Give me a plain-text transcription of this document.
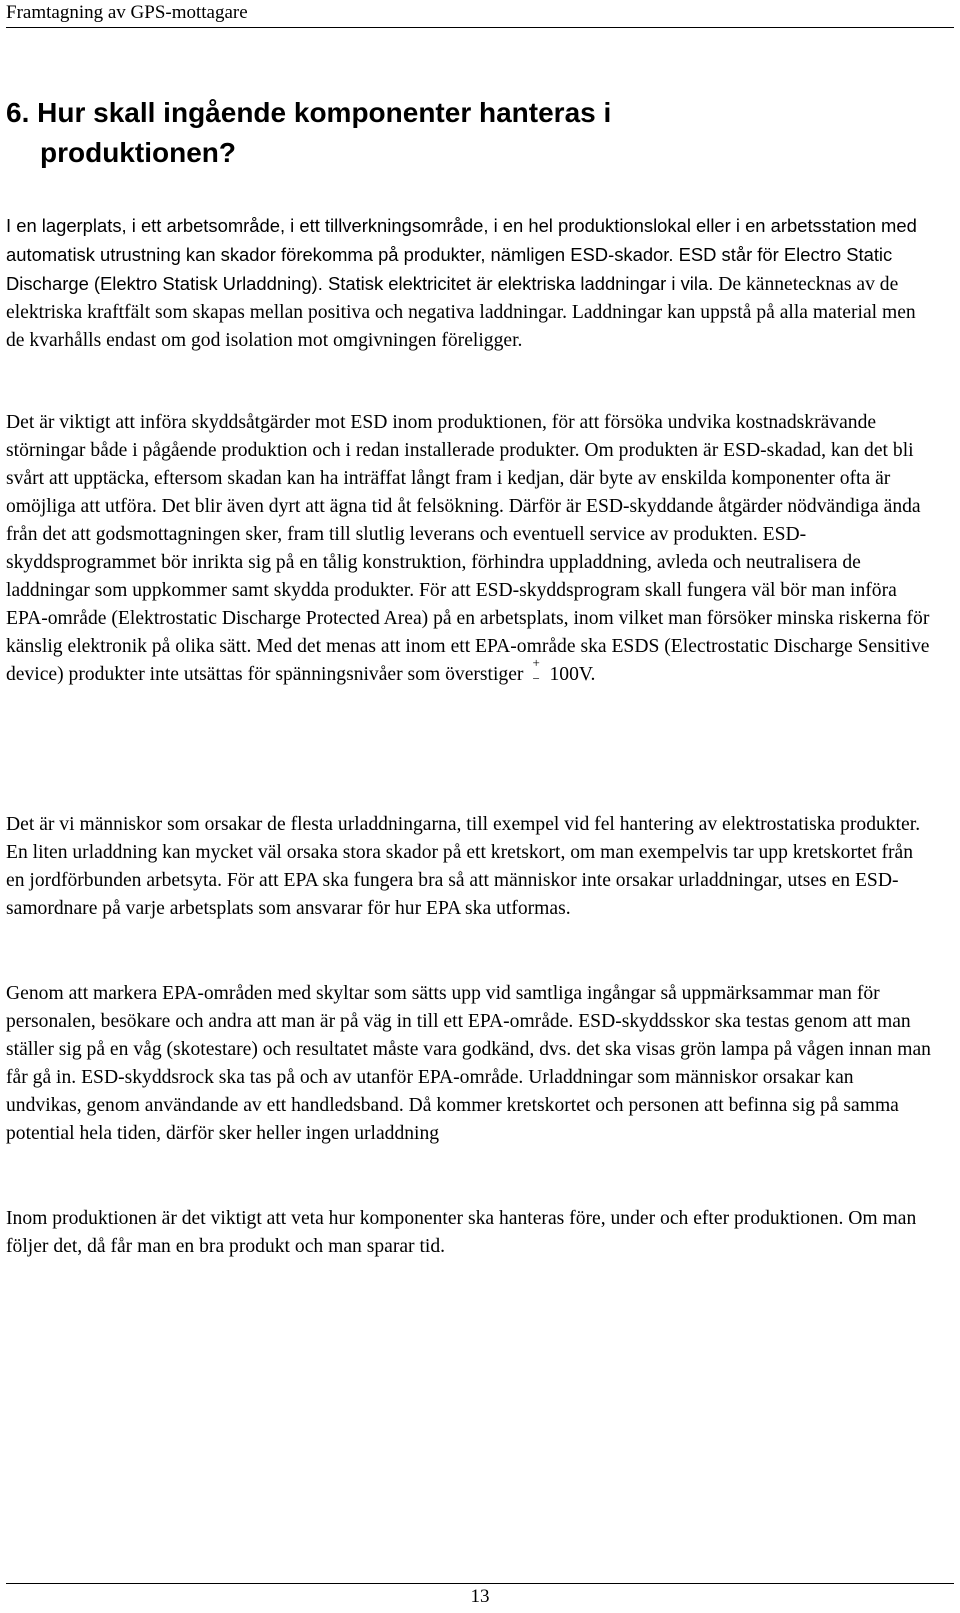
Framtagning av GPS-mottagare
6. Hur skall ingående komponenter hanteras i
produktionen?

I en lagerplats, i ett arbetsområde, i ett tillverkningsområde, i en hel produktionslokal eller i en arbetsstation med automatisk utrustning kan skador förekomma på produkter, nämligen ESD-skador. ESD står för Electro Static Discharge (Elektro Statisk Urladdning). Statisk elektricitet är elektriska laddningar i vila. De kännetecknas av de elektriska kraftfält som skapas mellan positiva och negativa laddningar. Laddningar kan uppstå på alla material men de kvarhålls endast om god isolation mot omgivningen föreligger.

Det är viktigt att införa skyddsåtgärder mot ESD inom produktionen, för att försöka undvika kostnadskrävande störningar både i pågående produktion och i redan installerade produkter. Om produkten är ESD-skadad, kan det bli svårt att upptäcka, eftersom skadan kan ha inträffat långt fram i kedjan, där byte av enskilda komponenter ofta är omöjliga att utföra. Det blir även dyrt att ägna tid åt felsökning. Därför är ESD-skyddande åtgärder nödvändiga ända från det att godsmottagningen sker, fram till slutlig leverans och eventuell service av produkten. ESD-skyddsprogrammet bör inrikta sig på en tålig konstruktion, förhindra uppladdning, avleda och neutralisera de laddningar som uppkommer samt skydda produkter. För att ESD-skyddsprogram skall fungera väl bör man införa EPA-område (Elektrostatic Discharge Protected Area) på en arbetsplats, inom vilket man försöker minska riskerna för känslig elektronik på olika sätt. Med det menas att inom ett EPA-område ska ESDS (Electrostatic Discharge Sensitive device) produkter inte utsättas för spänningsnivåer som överstiger
+
− 100V.

Det är vi människor som orsakar de flesta urladdningarna, till exempel vid fel hantering av elektrostatiska produkter. En liten urladdning kan mycket väl orsaka stora skador på ett kretskort, om man exempelvis tar upp kretskortet från en jordförbunden arbetsyta. För att EPA ska fungera bra så att människor inte orsakar urladdningar, utses en ESD-samordnare på varje arbetsplats som ansvarar för hur EPA ska utformas.

Genom att markera EPA-områden med skyltar som sätts upp vid samtliga ingångar så uppmärksammar man för personalen, besökare och andra att man är på väg in till ett EPA-område. ESD-skyddsskor ska testas genom att man ställer sig på en våg (skotestare) och resultatet måste vara godkänd, dvs. det ska visas grön lampa på vågen innan man får gå in. ESD-skyddsrock ska tas på och av utanför EPA-område. Urladdningar som människor orsakar kan undvikas, genom användande av ett handledsband. Då kommer kretskortet och personen att befinna sig på samma potential hela tiden, därför sker heller ingen urladdning

Inom produktionen är det viktigt att veta hur komponenter ska hanteras före, under och efter produktionen. Om man följer det, då får man en bra produkt och man sparar tid.

13
